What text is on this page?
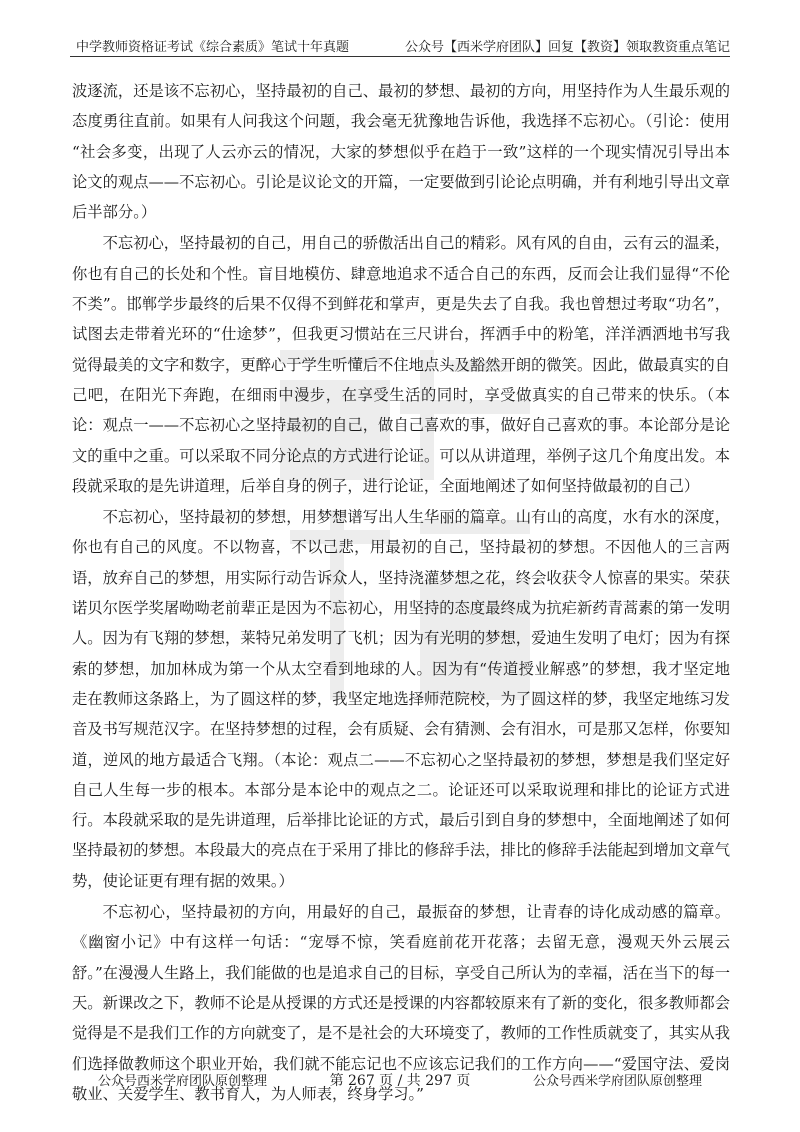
中学教师资格证考试《综合素质》笔试十年真题	公众号【西米学府团队】回复【教资】领取教资重点笔记

波逐流，还是该不忘初心，坚持最初的自己、最初的梦想、最初的方向，用坚持作为人生最乐观的态度勇往直前。如果有人问我这个问题，我会毫无犹豫地告诉他，我选择不忘初心。（引论：使用 “社会多变，出现了人云亦云的情况，大家的梦想似乎在趋于一致”这样的一个现实情况引导出本论文的观点——不忘初心。引论是议论文的开篇，一定要做到引论论点明确，并有利地引导出文章后半部分。）

不忘初心，坚持最初的自己，用自己的骄傲活出自己的精彩。风有风的自由，云有云的温柔，你也有自己的长处和个性。盲目地模仿、肆意地追求不适合自己的东西，反而会让我们显得“不伦不类”。邯郸学步最终的后果不仅得不到鲜花和掌声，更是失去了自我。我也曾想过考取“功名”，试图去走带着光环的“仕途梦”，但我更习惯站在三尺讲台，挥洒手中的粉笔，洋洋洒洒地书写我觉得最美的文字和数字，更醉心于学生听懂后不住地点头及豁然开朗的微笑。因此，做最真实的自己吧，在阳光下奔跑，在细雨中漫步，在享受生活的同时，享受做真实的自己带来的快乐。（本论：观点一——不忘初心之坚持最初的自己，做自己喜欢的事，做好自己喜欢的事。本论部分是论文的重中之重。可以采取不同分论点的方式进行论证。可以从讲道理，举例子这几个角度出发。本段就采取的是先讲道理，后举自身的例子，进行论证，全面地阐述了如何坚持做最初的自己）

不忘初心，坚持最初的梦想，用梦想谱写出人生华丽的篇章。山有山的高度，水有水的深度，你也有自己的风度。不以物喜，不以己悲，用最初的自己，坚持最初的梦想。不因他人的三言两语，放弃自己的梦想，用实际行动告诉众人，坚持浇灌梦想之花，终会收获令人惊喜的果实。荣获诺贝尔医学奖屠呦呦老前辈正是因为不忘初心，用坚持的态度最终成为抗疟新药青蒿素的第一发明人。因为有飞翔的梦想，莱特兄弟发明了飞机；因为有光明的梦想，爱迪生发明了电灯；因为有探索的梦想，加加林成为第一个从太空看到地球的人。因为有“传道授业解惑”的梦想，我才坚定地走在教师这条路上，为了圆这样的梦，我坚定地选择师范院校，为了圆这样的梦，我坚定地练习发音及书写规范汉字。在坚持梦想的过程，会有质疑、会有猜测、会有泪水，可是那又怎样，你要知道，逆风的地方最适合飞翔。（本论：观点二——不忘初心之坚持最初的梦想，梦想是我们坚定好自己人生每一步的根本。本部分是本论中的观点之二。论证还可以采取说理和排比的论证方式进行。本段就采取的是先讲道理，后举排比论证的方式，最后引到自身的梦想中，全面地阐述了如何坚持最初的梦想。本段最大的亮点在于采用了排比的修辞手法，排比的修辞手法能起到增加文章气势，使论证更有理有据的效果。）

不忘初心，坚持最初的方向，用最好的自己，最振奋的梦想，让青春的诗化成动感的篇章。《幽窗小记》中有这样一句话：“宠辱不惊，笑看庭前花开花落；去留无意，漫观天外云展云舒。”在漫漫人生路上，我们能做的也是追求自己的目标，享受自己所认为的幸福，活在当下的每一天。新课改之下，教师不论是从授课的方式还是授课的内容都较原来有了新的变化，很多教师都会觉得是不是我们工作的方向就变了，是不是社会的大环境变了，教师的工作性质就变了，其实从我们选择做教师这个职业开始，我们就不能忘记也不应该忘记我们的工作方向——“爱国守法、爱岗敬业、关爱学生、教书育人，为人师表，终身学习。”

公众号西米学府团队原创整理	第 267 页 / 共 297 页	公众号西米学府团队原创整理
